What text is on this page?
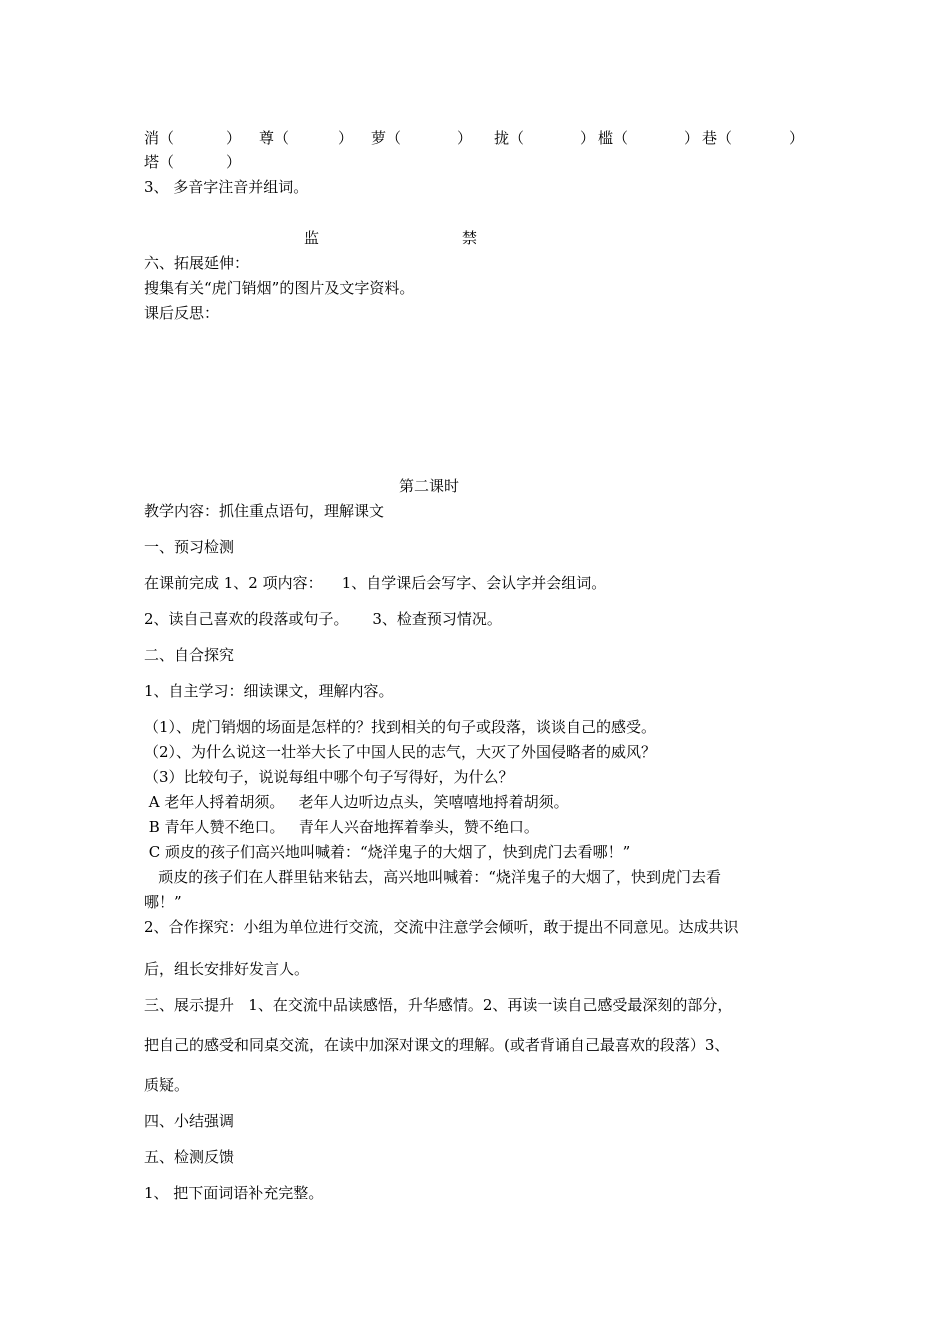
消（	） 尊（	） 萝（	） 拢（	） 槛（	） 巷（	）
塔（	）
3、 多音字注音并组词。
监	禁
六、拓展延伸：
搜集有关“虎门销烟”的图片及文字资料。
课后反思：
第二课时
教学内容：抓住重点语句，理解课文
一、预习检测
在课前完成 1、2 项内容：    1、自学课后会写字、会认字并会组词。
2、读自己喜欢的段落或句子。     3、检查预习情况。
二、自合探究
1、自主学习：细读课文，理解内容。
（1）、虎门销烟的场面是怎样的？找到相关的句子或段落，谈谈自己的感受。
（2）、为什么说这一壮举大长了中国人民的志气，大灭了外国侵略者的威风？
（3）比较句子，说说每组中哪个句子写得好，为什么？
A 老年人捋着胡须。   老年人边听边点头，笑嘻嘻地捋着胡须。
B 青年人赞不绝口。   青年人兴奋地挥着拳头，赞不绝口。
C 顽皮的孩子们高兴地叫喊着：“烧洋鬼子的大烟了，快到虎门去看哪！”
顽皮的孩子们在人群里钻来钻去，高兴地叫喊着：“烧洋鬼子的大烟了，快到虎门去看
哪！”
2、合作探究：小组为单位进行交流，交流中注意学会倾听，敢于提出不同意见。达成共识
后，组长安排好发言人。
三、展示提升   1、在交流中品读感悟，升华感情。2、再读一读自己感受最深刻的部分，
把自己的感受和同桌交流，在读中加深对课文的理解。(或者背诵自己最喜欢的段落）3、
质疑。
四、小结强调
五、检测反馈
1、 把下面词语补充完整。
